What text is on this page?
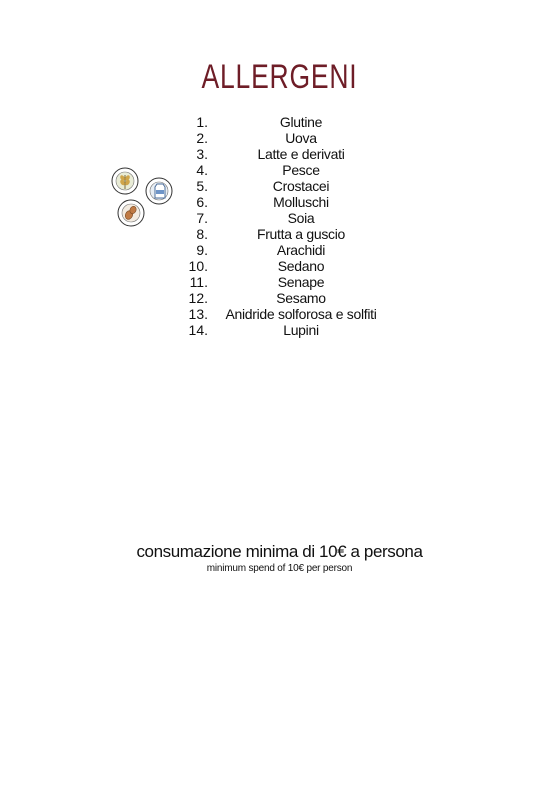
ALLERGENI
1.	Glutine
2.	Uova
3.	Latte e derivati
4.	Pesce
5.	Crostacei
6.	Molluschi
7.	Soia
8.	Frutta a guscio
9.	Arachidi
10.	Sedano
11.	Senape
12.	Sesamo
13.	Anidride solforosa e solfiti
14.	Lupini
consumazione minima di 10€ a persona
minimum spend of 10€ per person
